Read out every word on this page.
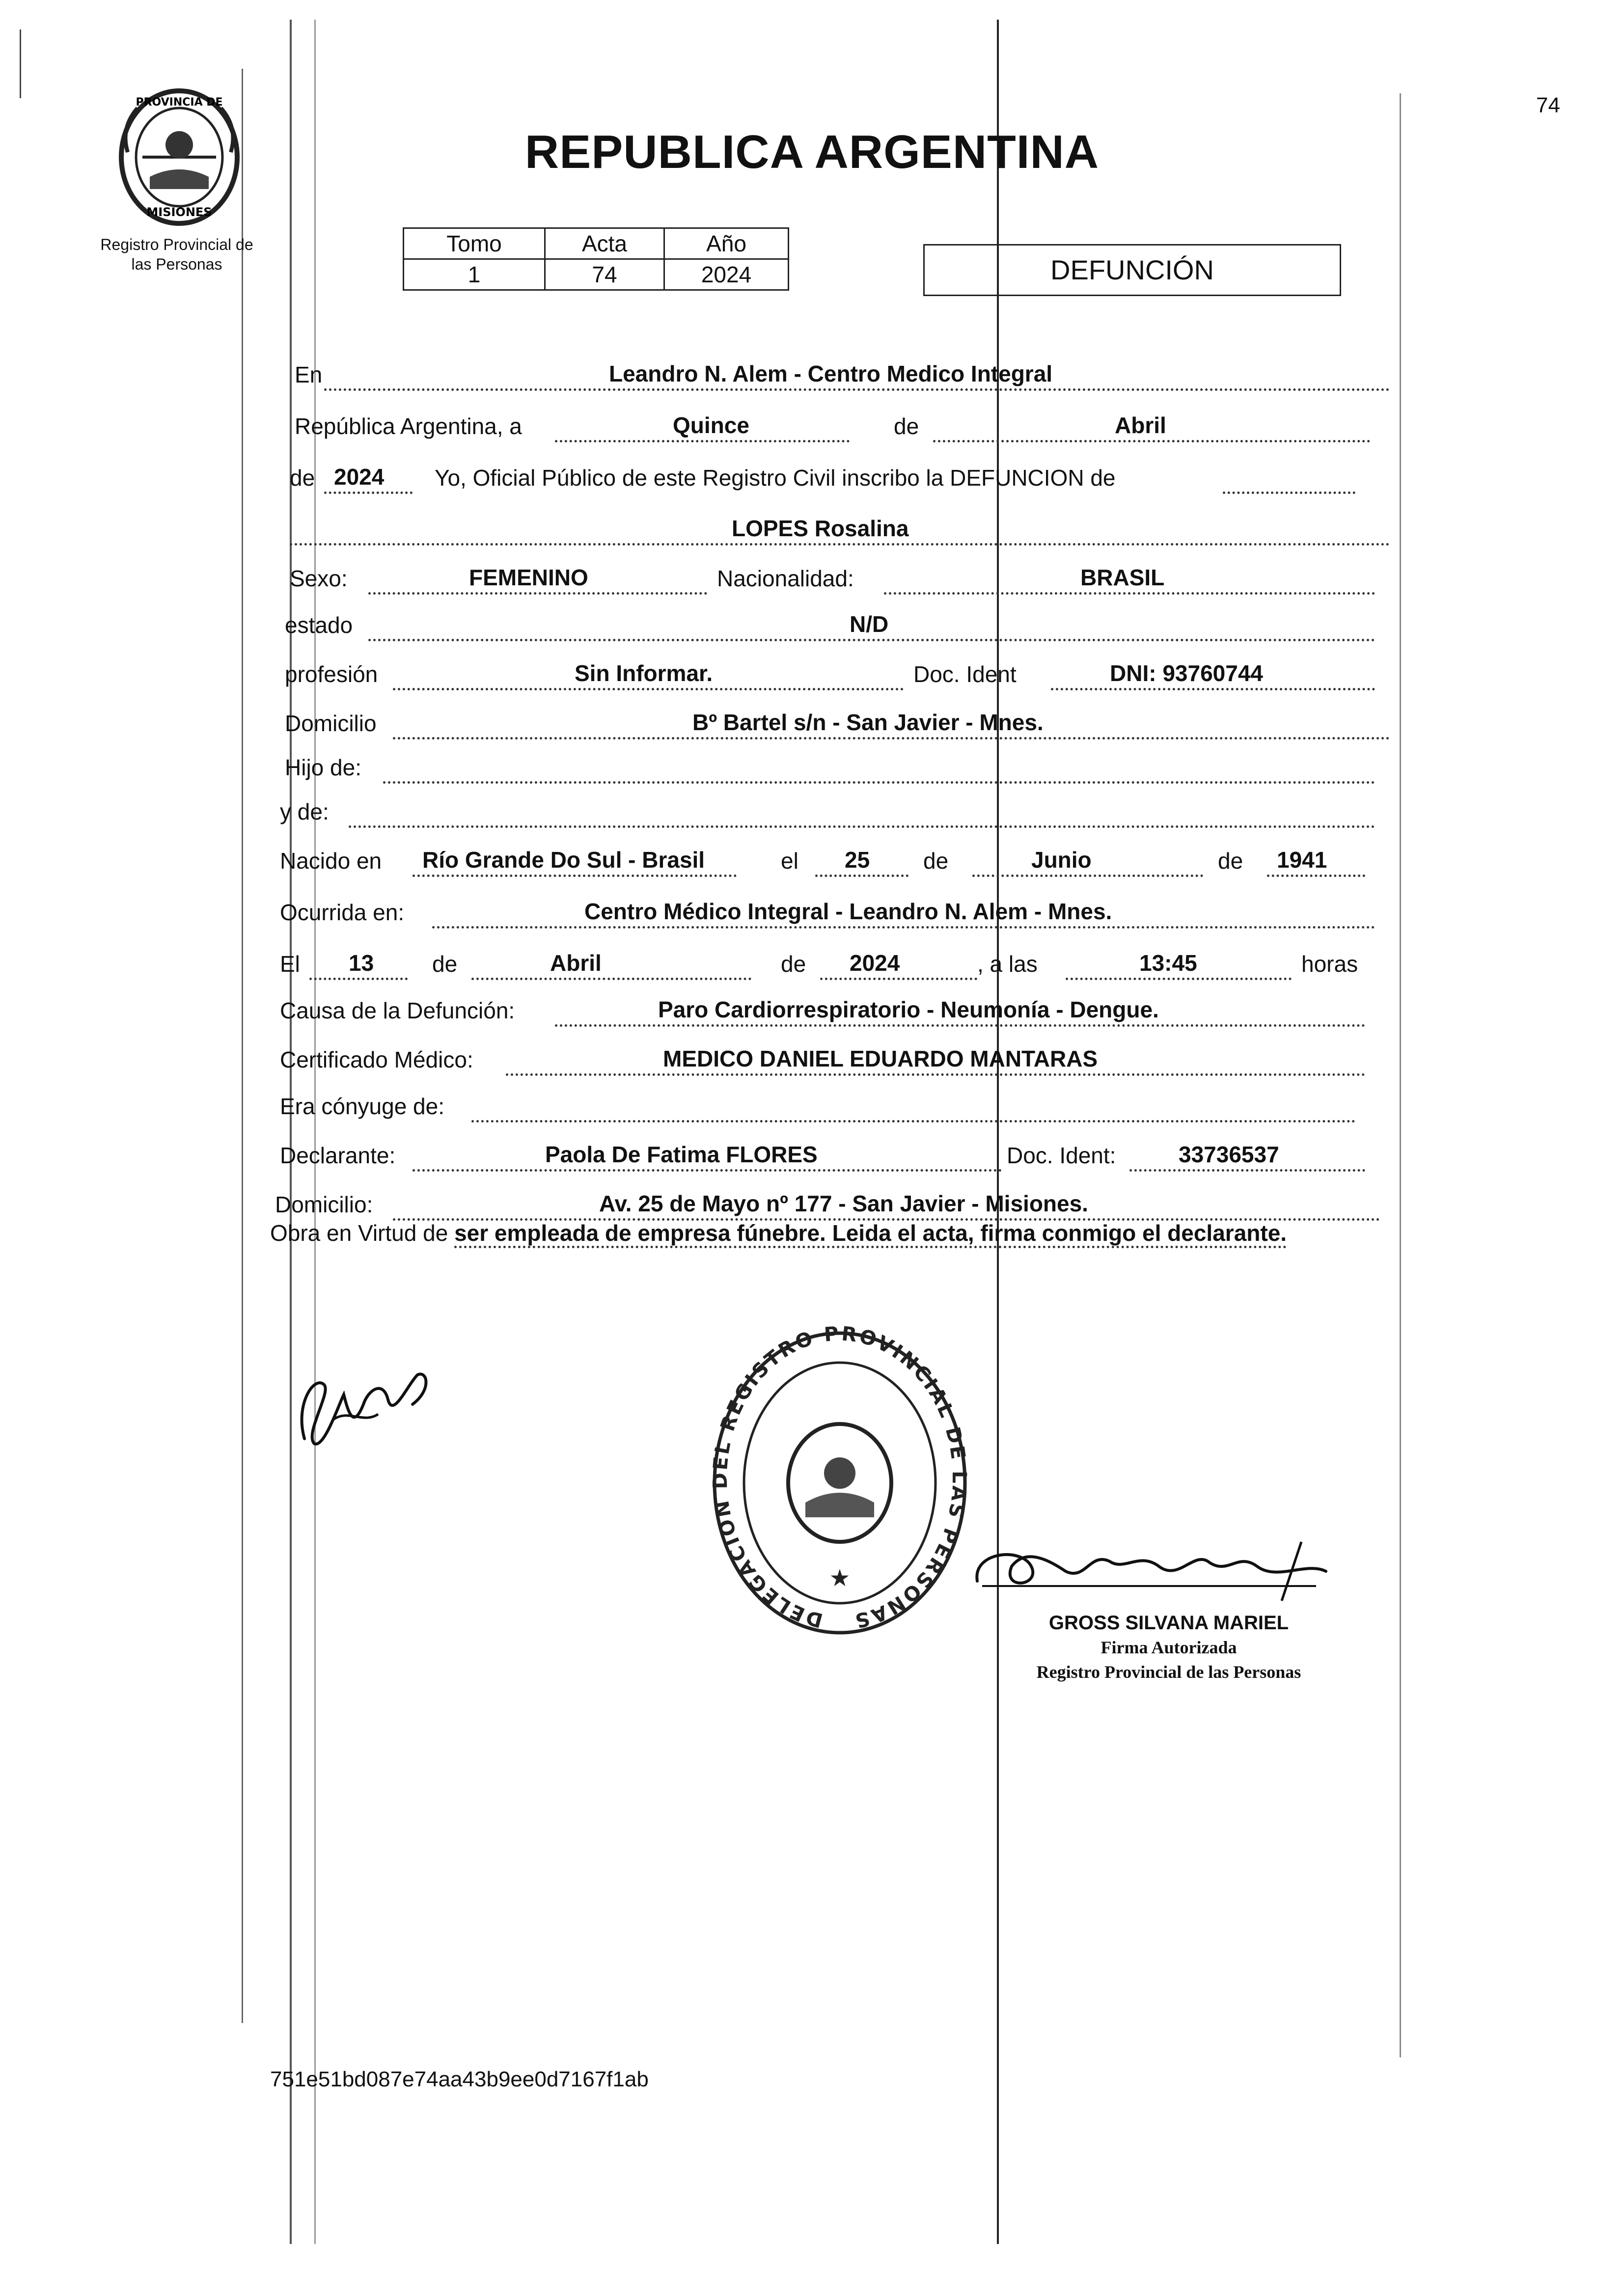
PROVINCIA DE
MISIONES
Registro Provincial de
las Personas
REPUBLICA ARGENTINA
74
Tomo	Acta	Año
1	74	2024	DEFUNCIÓN
En	Leandro N. Alem - Centro Medico Integral
República Argentina, a	Quince	de	Abril
de 2024 Yo, Oficial Público de este Registro Civil inscribo la DEFUNCION de
LOPES Rosalina
Sexo:	FEMENINO	Nacionalidad:	BRASIL
estado	N/D
profesión	Sin Informar.	Doc. Ident	DNI: 93760744
Domicilio	Bº Bartel s/n - San Javier - Mnes.
Hijo de:
y de:
Nacido en Río Grande Do Sul - Brasil	el 25 de	Junio	de 1941
Ocurrida en:	Centro Médico Integral - Leandro N. Alem - Mnes.
El 13	de	Abril	de 2024	, a las	13:45	horas
Causa de la Defunción:	Paro Cardiorrespiratorio - Neumonía - Dengue.
Certificado Médico:	MEDICO DANIEL EDUARDO MANTARAS
Era cónyuge de:
Declarante:	Paola De Fatima FLORES	Doc. Ident:	33736537
Domicilio:	Av. 25 de Mayo nº 177 - San Javier - Misiones.
Obra en Virtud de ser empleada de empresa fúnebre. Leida el acta, firma conmigo el declarante.
DELEGACION DEL REGISTRO PROVINCIAL DE LAS PERSONAS
★
GROSS SILVANA MARIEL
Firma Autorizada
Registro Provincial de las Personas
751e51bd087e74aa43b9ee0d7167f1ab
